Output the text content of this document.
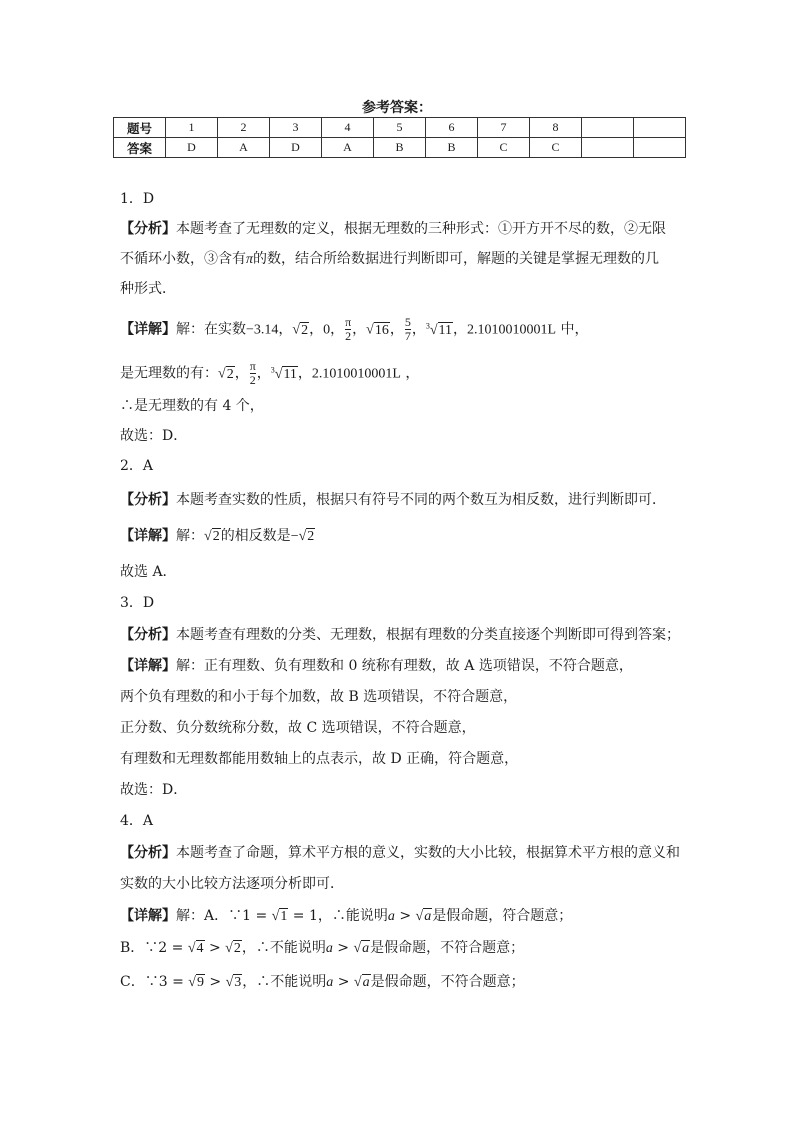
参考答案：
题号	1	2	3	4	5	6	7	8		
答案	D	A	D	A	B	B	C	C		
1．D
【分析】本题考查了无理数的定义，根据无理数的三种形式：①开方开不尽的数，②无限
不循环小数，③含有π的数，结合所给数据进行判断即可，解题的关键是掌握无理数的几
种形式．
【详解】解：在实数−3.14，√2，0， $\frac{\pi}{2}$ ，√16， $\frac{5}{7}$ ，$^3$√11，2.1010010001L 中，
是无理数的有：√2， $\frac{\pi}{2}$ ，$^3$√11，2.1010010001L ，
∴是无理数的有 4 个，
故选：D．
2．A
【分析】本题考查实数的性质，根据只有符号不同的两个数互为相反数，进行判断即可．
【详解】解：√2的相反数是−√2
故选 A．
3．D
【分析】本题考查有理数的分类、无理数，根据有理数的分类直接逐个判断即可得到答案；
【详解】解：正有理数、负有理数和 0 统称有理数，故 A 选项错误，不符合题意，
两个负有理数的和小于每个加数，故 B 选项错误，不符合题意，
正分数、负分数统称分数，故 C 选项错误，不符合题意，
有理数和无理数都能用数轴上的点表示，故 D 正确，符合题意，
故选：D．
4．A
【分析】本题考查了命题，算术平方根的意义，实数的大小比较，根据算术平方根的意义和
实数的大小比较方法逐项分析即可．
【详解】解：A．∵1 = √1 = 1，∴能说明a > √a是假命题，符合题意；
B．∵2 = √4 > √2，∴不能说明a > √a是假命题，不符合题意；
C．∵3 = √9 > √3，∴不能说明a > √a是假命题，不符合题意；
